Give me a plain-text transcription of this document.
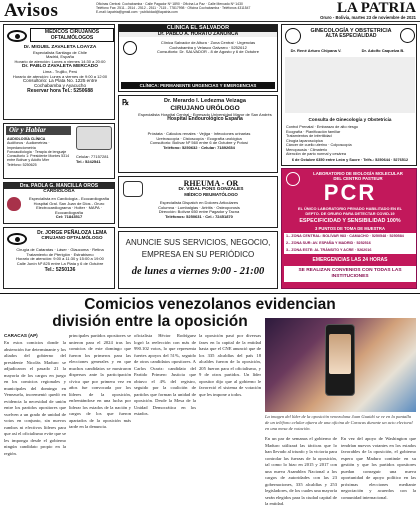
Avisos	Oficinas Central: Cochabamba · Calle Pagador Nº 1890 · Oficina La Paz · Calle Mercado Nº 1430
Teléfono Fax: 2511 - 2514 - 2512 - 2511 · 7115 - 77817998 · Oficina Cochabamba · Teléfonos 4311547
E-mail: lapatria@gmail.com · publicidad@lapatria.com	LA PATRIA
Oruro - Bolivia, martes 23 de noviembre de 2021
MÉDICOS CIRUJANOS
OFTALMÓLOGOS
Dr. MIGUEL ZAVALETA LOAYZA
Especialista Santiago de Chile
Madrid, España
Horario de atención: Lunes a viernes 14:30 a 20:00
Dr. PABLO ZAVALETA MERCADO
Lima - Trujillo, Perú
Horario de atención: Lunes a viernes de 9:00 a 12:00
Consultorio: La Plata No. 1225 entre
Cochabamba y Ayacucho
Reservar hora Tel.: 5250688
Oír y Hablar
AUDIOLOGÍA CLÍNICA
Audífonos · Audiometrías · Impedanciometría
Fonoaudiología · Terapia de lenguaje
Consultorio 1: Presidente Montes 5314 entre Bolívar y Adolfo Mier
Teléfono: 5250625
Celular: 77157281
Tel.: 5242541
Dra. PAOLA G. MANCILLA OROS
CARDIÓLOGA
Especialista en Cardiología - Ecocardiografía
Hospital Gral. San Juan de Dios - Oruro
Electrocardiograma · Holter · MAPA · Ecocardiografía
Cel: 71843517
Dr. JORGE PEÑALOZA LEMA
CIRUJANO OFTALMÓLOGO
Cirugía de Cataratas · Láser · Glaucoma · Retina
Tratamiento de Pterigión · Estrabismo
Horario de atención: 9:00 a 11:30 y 15:00 a 19:00
Calle Junín Nº 825 entre La Plata y 6 de Octubre
Tel.: 5250136
CLÍNICA EL SALVADOR
Dr. PABLO A. HORATO ZANONCA
Clínica Salvador de Altura · Zona Central · Urgencias
Cochabamba y Velasco Galvarro · 5252612
Consultorio: Dr. SALVADOR - 8 de Agosto y 6 de Octubre
CLÍNICA: PERMANENTE URGENCIAS Y EMERGENCIAS
℞	Dr. Merardo I. Ledezma Veizaga
CIRUJANO URÓLOGO
Especialista Hospital Central · Egresado Universidad Mayor de San Andrés
Hospital Endourológico España
Próstata · Cálculos renales · Vejiga · Infecciones urinarias
Uretroscopía · Cistoscopía · Ecografía urológica
Consultorio: Bolívar Nº 560 entre 6 de Octubre y Potosí
Teléfono: 5250632 · Celular: 71892654
RHEUMA - OR
Dr. VIDAL PONS GONZALES
MÉDICO REUMATÓLOGO
Especialista Dispatch en Dolores Articulares
Columna · Lumbalgias · Artritis · Osteoporosis
Dirección: Bolívar 650 entre Pagador y Tacna
Teléfonos: 5250631 · Cel.: 72451870
ANUNCIE SUS SERVICIOS, NEGOCIO,
EMPRESA EN SU PERIÓDICO
de lunes a viernes 9:00 - 21:00
GINECOLOGÍA Y OBSTETRICIA
ALTA ESPECIALIDAD
Dr. René Arturo Chipana V.	Dr. Adolfo Caquelza B.
Consulta de Ginecología y Obstetricia
Control Prenatal · Embarazo de alto riesgo
Ecografía · Planificación familiar
Tratamientos de infertilidad
Cirugía laparoscópica
Cáncer de cuello uterino · Colposcopía
Menopausia · Climaterio
Atención de parto normal y cesárea
6 de Octubre 6350 entre León y Sucre · Telfs.: 5250644 · 5276512
LABORATORIO DE BIOLOGÍA MOLECULAR
DEL CENTRO PASTEUR
PCR
EL ÚNICO LABORATORIO PRIVADO HABILITADO EN EL
DEPTO. DE ORURO PARA DETECTAR COVID-19
ESPECIFICIDAD Y SENSIBILIDAD 100%
3 PUNTOS DE TOMA DE MUESTRA
1.- ZONA CENTRAL: BOLÍVAR 983 · CAMACHO · 5250548 · 5250584
2.- ZONA SUR: AV. ESPAÑA Y MADRID · 5252516
3.- ZONA ESTE: AL TRÁNSITO Y ACRE · 5262016
EMERGENCIAS LAS 24 HORAS
SE REALIZAN CONVENIOS CON TODAS LAS INSTITUCIONES
Comicios venezolanos evidencian
división entre la oposición
CARACAS (AP)
En estos comicios donde la abstención fue determinante y los aliados del gobierno del presidente Nicolás Maduro se adjudicaron el pasado 21 la mayoría de los cargos en juego en los comicios regionales y municipales del domingo en Venezuela, incrementó quedó en evidencia la necesidad de unión entre los partidos opositores que vuelven a un grado de unidad de votos en conjunto, sin nuevos rumbos ni efectivos líderes para que así el oficialismo evite que se les imponga desde el gobierno ningún candidato propio en la región.
principales partidos opositores se unieron para el 2024 tras los comicios de este domingo que fueron los primeros para las elecciones generales y en que muchos candidatos se mostraron dispersos ante la participación cívica que por primera vez en años fue convocada por los líderes de la oposición, enfrentándose en una lucha por liderar los estados de la nación y cargos de los que fueron apartados de la oposición más tarde en la denuncia.
oficialista Héctor Rodríguez logró la reelección con más de 990.102 votos, lo que representa fuertes apoyos del 51%, seguido de otros candidatos opositores. A Carlos Ocariz: candidato del Partido Primero Justicia que obtuvo el 4% del registro, seguido por la coalición de partidos que forman la unidad de oposición. Desde la Mesa de la Unidad Democrática en los estados.
la oposición pasó por diversas fases en la capital de la entidad hasta que el CNE anunció que de los 335 alcaldías del país 18 alcaldes fueron de la oposición, 205 fueron para el oficialismo, y 9 de otros partidos. Un líder opositor dijo que al gobierno le favoreció el sistema de votación que les impone a todos.
La imagen del líder de la oposición venezolana Juan Guaidó se ve en la pantalla de un teléfono celular afuera de una oficina de Caracas durante un acto electoral en una mesa de votación.
En un par de semanas el gobierno de Maduro utilizará las tácticas que lo han llevado al triunfo y la victoria para controlar las fuerzas de la oposición, tal como lo hizo en 2015 y 2017 con una nueva Asamblea Nacional a los cargos de autoridades con las 23 gobernaciones, 335 alcaldías y 253 legisladores, de los cuales una mayoría serán elegidos para la ciudad capital de la entidad.
En vez del apoyo de Washington que tendrían nuevos votantes en los estados favorables de la oposición, el gobierno espera que Maduro continúe en su gestión y que los partidos opositores puedan conseguir una nueva oportunidad de apoyo político en las próximas elecciones mediante negociación y acuerdos con la comunidad internacional.
